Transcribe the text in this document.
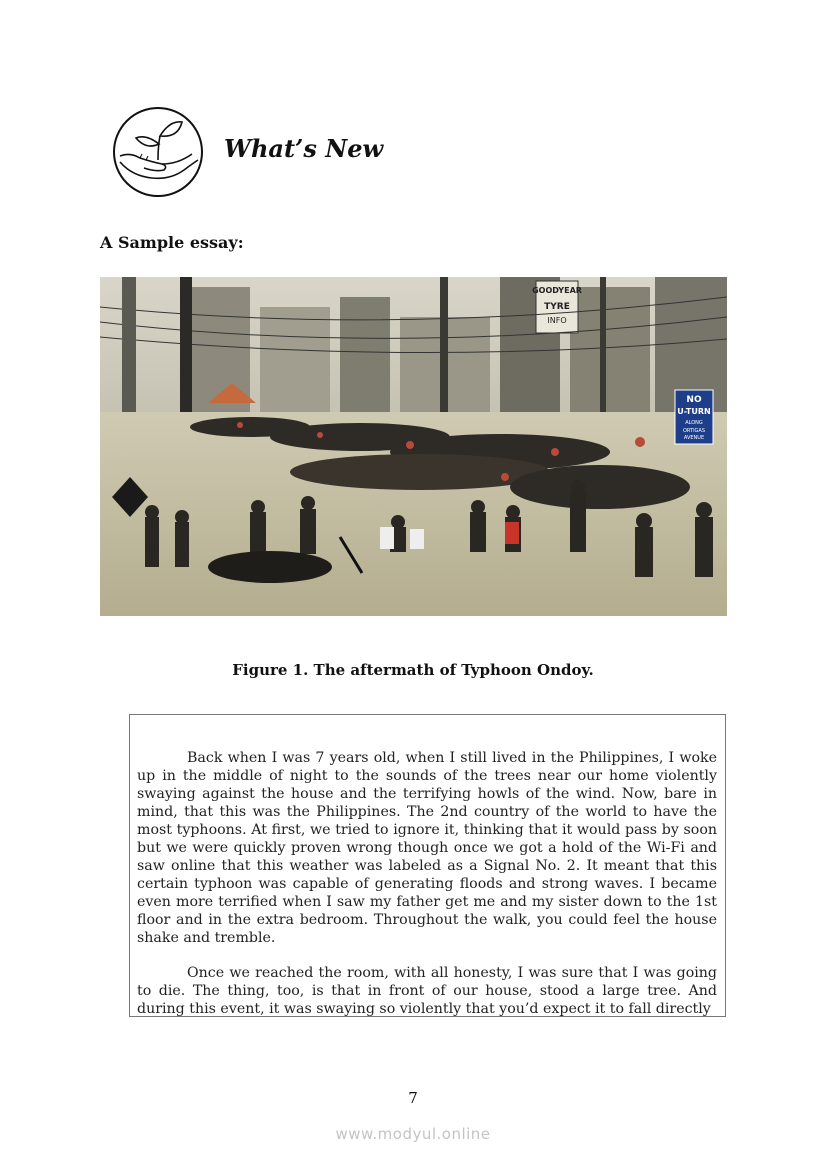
What’s New
A Sample essay:
GOODYEAR
TYRE
INFO
NO
U-TURN
ALONG
ORTIGAS
AVENUE
Figure 1. The aftermath of Typhoon Ondoy.

Back when I was 7 years old, when I still lived in the Philippines, I woke up in the middle of night to the sounds of the trees near our home violently swaying against the house and the terrifying howls of the wind. Now, bare in mind, that this was the Philippines. The 2nd country of the world to have the most typhoons. At first, we tried to ignore it, thinking that it would pass by soon but we were quickly proven wrong though once we got a hold of the Wi-Fi and saw online that this weather was labeled as a Signal No. 2. It meant that this certain typhoon was capable of generating floods and strong waves. I became even more terrified when I saw my father get me and my sister down to the 1st floor and in the extra bedroom. Throughout the walk, you could feel the house shake and tremble.

Once we reached the room, with all honesty, I was sure that I was going to die. The thing, too, is that in front of our house, stood a large tree. And during this event, it was swaying so violently that you’d expect it to fall directly

7
www.modyul.online
